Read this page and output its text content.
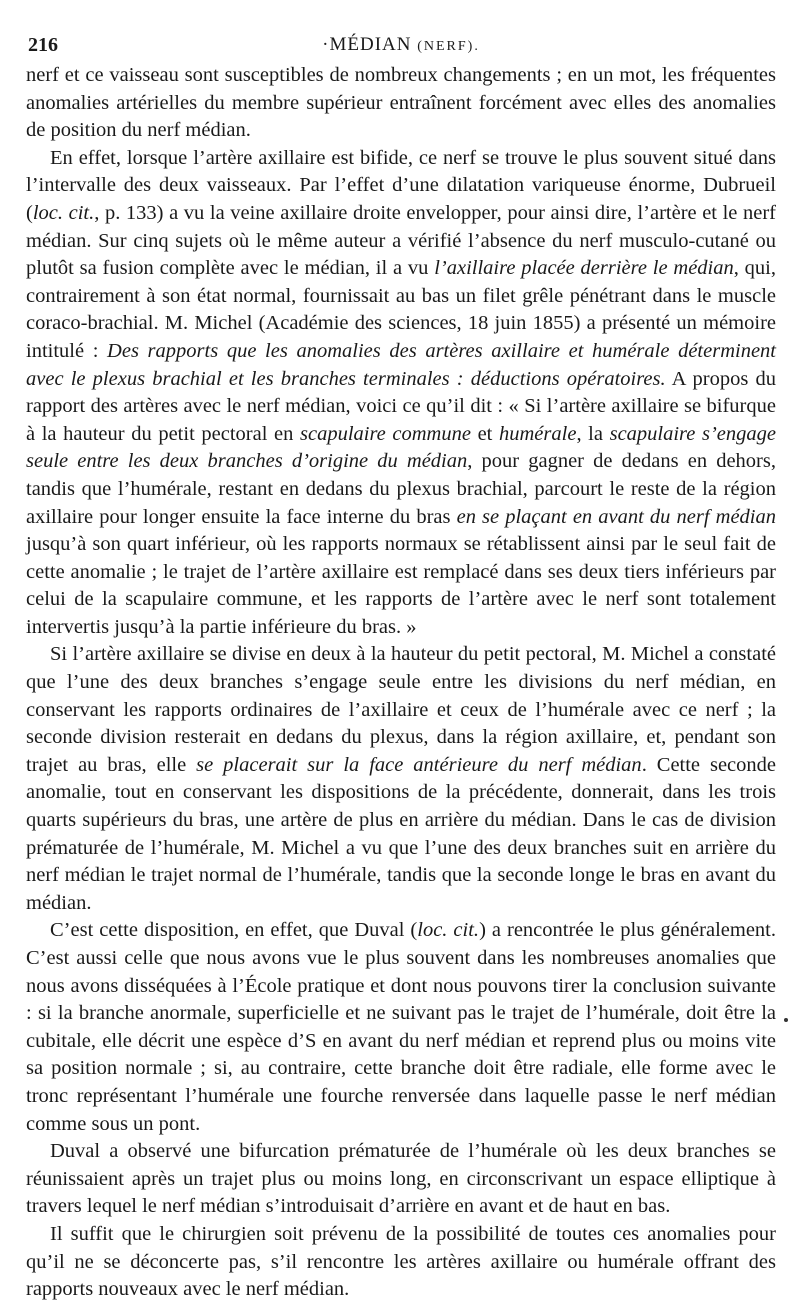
216	·MÉDIAN (NERF).

nerf et ce vaisseau sont susceptibles de nombreux changements ; en un mot, les fréquentes anomalies artérielles du membre supérieur entraînent forcément avec elles des anomalies de position du nerf médian.

En effet, lorsque l’artère axillaire est bifide, ce nerf se trouve le plus souvent situé dans l’intervalle des deux vaisseaux. Par l’effet d’une dilatation variqueuse énorme, Dubrueil (loc. cit., p. 133) a vu la veine axillaire droite envelopper, pour ainsi dire, l’artère et le nerf médian. Sur cinq sujets où le même auteur a vérifié l’absence du nerf musculo-cutané ou plutôt sa fusion complète avec le médian, il a vu l’axillaire placée derrière le médian, qui, contrairement à son état normal, fournissait au bas un filet grêle pénétrant dans le muscle coraco-brachial. M. Michel (Académie des sciences, 18 juin 1855) a présenté un mémoire intitulé : Des rapports que les anomalies des artères axillaire et humérale déterminent avec le plexus brachial et les branches terminales : déductions opératoires. A propos du rapport des artères avec le nerf médian, voici ce qu’il dit : « Si l’artère axillaire se bifurque à la hauteur du petit pectoral en scapulaire commune et humérale, la scapulaire s’engage seule entre les deux branches d’origine du médian, pour gagner de dedans en dehors, tandis que l’humérale, restant en dedans du plexus brachial, parcourt le reste de la région axillaire pour longer ensuite la face interne du bras en se plaçant en avant du nerf médian jusqu’à son quart inférieur, où les rapports normaux se rétablissent ainsi par le seul fait de cette anomalie ; le trajet de l’artère axillaire est remplacé dans ses deux tiers inférieurs par celui de la scapulaire commune, et les rapports de l’artère avec le nerf sont totalement intervertis jusqu’à la partie inférieure du bras. »

Si l’artère axillaire se divise en deux à la hauteur du petit pectoral, M. Michel a constaté que l’une des deux branches s’engage seule entre les divisions du nerf médian, en conservant les rapports ordinaires de l’axillaire et ceux de l’humérale avec ce nerf ; la seconde division resterait en dedans du plexus, dans la région axillaire, et, pendant son trajet au bras, elle se placerait sur la face antérieure du nerf médian. Cette seconde anomalie, tout en conservant les dispositions de la précédente, donnerait, dans les trois quarts supérieurs du bras, une artère de plus en arrière du médian. Dans le cas de division prématurée de l’humérale, M. Michel a vu que l’une des deux branches suit en arrière du nerf médian le trajet normal de l’humérale, tandis que la seconde longe le bras en avant du médian.

C’est cette disposition, en effet, que Duval (loc. cit.) a rencontrée le plus généralement. C’est aussi celle que nous avons vue le plus souvent dans les nombreuses anomalies que nous avons disséquées à l’École pratique et dont nous pouvons tirer la conclusion suivante : si la branche anormale, superficielle et ne suivant pas le trajet de l’humérale, doit être la cubitale, elle décrit une espèce d’S en avant du nerf médian et reprend plus ou moins vite sa position normale ; si, au contraire, cette branche doit être radiale, elle forme avec le tronc représentant l’humérale une fourche renversée dans laquelle passe le nerf médian comme sous un pont.

Duval a observé une bifurcation prématurée de l’humérale où les deux branches se réunissaient après un trajet plus ou moins long, en circonscrivant un espace elliptique à travers lequel le nerf médian s’introduisait d’arrière en avant et de haut en bas.

Il suffit que le chirurgien soit prévenu de la possibilité de toutes ces anomalies pour qu’il ne se déconcerte pas, s’il rencontre les artères axillaire ou humérale offrant des rapports nouveaux avec le nerf médian.
